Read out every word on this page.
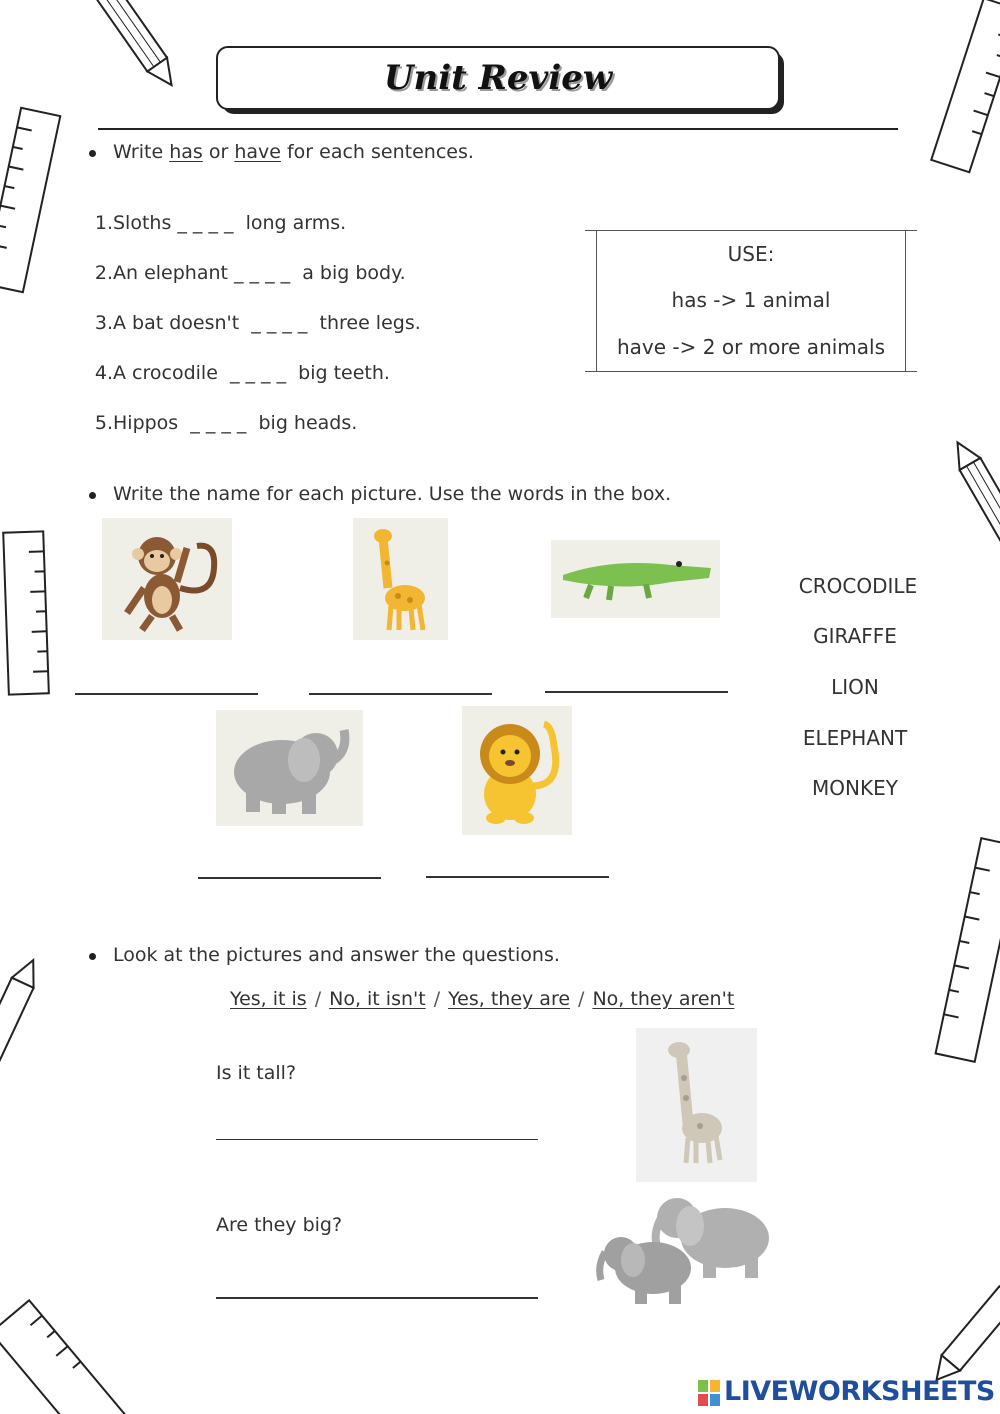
Unit Review
Write has or have for each sentences.
1.Sloths _ _ _ _  long arms.
2.An elephant _ _ _ _  a big body.
3.A bat doesn't  _ _ _ _  three legs.
4.A crocodile  _ _ _ _  big teeth.
5.Hippos  _ _ _ _  big heads.
USE:
has -> 1 animal
have -> 2 or more animals
Write the name for each picture. Use the words in the box.
CROCODILE
GIRAFFE
LION
ELEPHANT
MONKEY
Look at the pictures and answer the questions.
Yes, it is / No, it isn't / Yes, they are / No, they aren't
Is it tall?
Are they big?
LIVEWORKSHEETS
